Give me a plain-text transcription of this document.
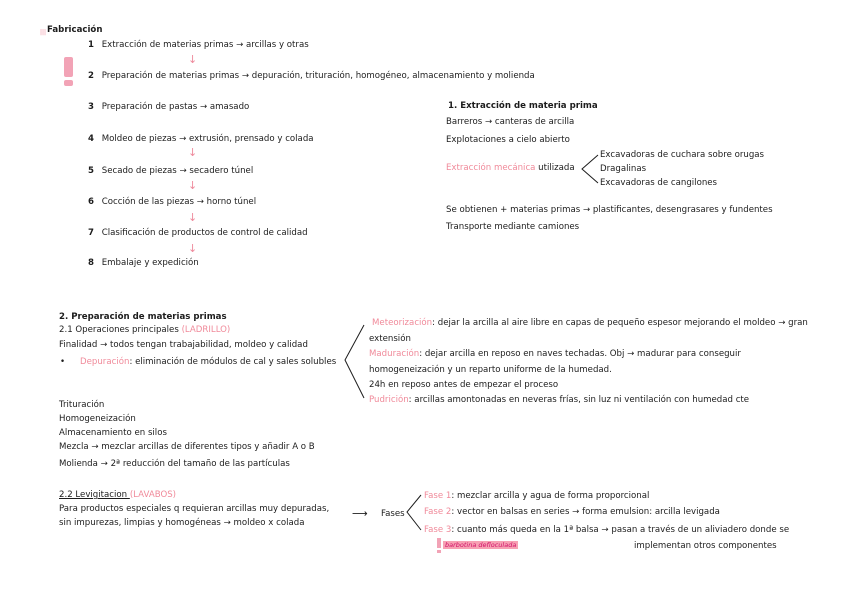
||| Fabricación
1 Extracción de materias primas → arcillas y otras
↓
2 Preparación de materias primas → depuración, trituración, homogéneo, almacenamiento y molienda
3 Preparación de pastas → amasado
4 Moldeo de piezas → extrusión, prensado y colada
↓
5 Secado de piezas → secadero túnel
↓
6 Cocción de las piezas → horno túnel
↓
7 Clasificación de productos de control de calidad
↓
8 Embalaje y expedición
1. Extracción de materia prima
Barreros → canteras de arcilla
Explotaciones a cielo abierto
Extracción mecánica utilizada
Excavadoras de cuchara sobre orugas
Dragalinas
Excavadoras de cangilones
Se obtienen + materias primas → plastificantes, desengrasares y fundentes
Transporte mediante camiones
2. Preparación de materias primas
2.1 Operaciones principales (LADRILLO)
Finalidad → todos tengan trabajabilidad, moldeo y calidad
• Depuración: eliminación de módulos de cal y sales solubles
Meteorización: dejar la arcilla al aire libre en capas de pequeño espesor mejorando el moldeo → gran
extensión
Maduración: dejar arcilla en reposo en naves techadas. Obj → madurar para conseguir
homogeneización y un reparto uniforme de la humedad.
24h en reposo antes de empezar el proceso
Pudrición: arcillas amontonadas en neveras frías, sin luz ni ventilación con humedad cte
Trituración
Homogeneización
Almacenamiento en silos
Mezcla → mezclar arcillas de diferentes tipos y añadir A o B
Molienda → 2ª reducción del tamaño de las partículas
2.2 Levigitacion (LAVABOS)
Para productos especiales q requieran arcillas muy depuradas,
sin impurezas, limpias y homogéneas → moldeo x colada
⟶ Fases
Fase 1: mezclar arcilla y agua de forma proporcional
Fase 2: vector en balsas en series → forma emulsion: arcilla levigada
Fase 3: cuanto más queda en la 1ª balsa → pasan a través de un aliviadero donde se
implementan otros componentes
barbotina defloculada
